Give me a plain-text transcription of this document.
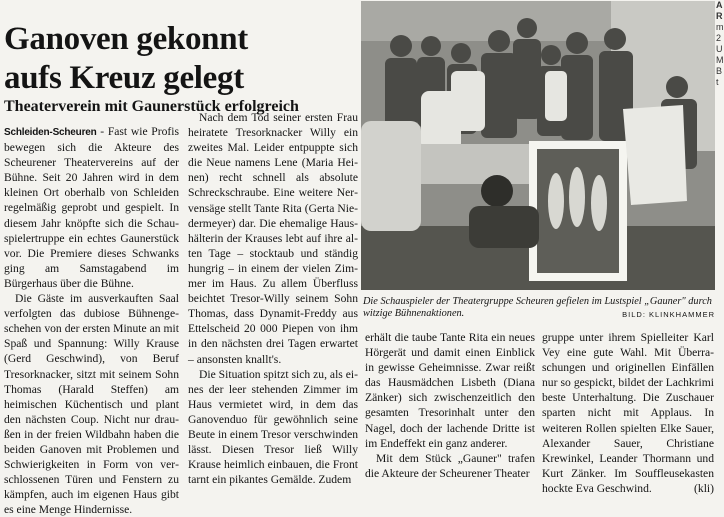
Ganoven gekonnt
aufs Kreuz gelegt
Theaterverein mit Gaunerstück erfolgreich

Schleiden-Scheuren - Fast wie Profis bewegen sich die Akteure des Scheurener Theatervereins auf der Bühne. Seit 20 Jahren wird in dem kleinen Ort oberhalb von Schleiden regelmäßig geprobt und gespielt. In diesem Jahr knöpfte sich die Schauspielertruppe ein echtes Gaunerstück vor. Die Premiere dieses Schwanks ging am Samstagabend im Bürgerhaus über die Bühne.

Die Gäste im ausverkauften Saal verfolgten das dubiose Bühnengeschehen von der ersten Minute an mit Spaß und Spannung: Willy Krause (Gerd Geschwind), von Beruf Tresorknacker, sitzt mit seinem Sohn Thomas (Harald Steffen) am heimischen Küchentisch und plant den nächsten Coup. Nicht nur draußen in der freien Wildbahn haben die beiden Ganoven mit Problemen und Schwierigkeiten in Form von verschlossenen Türen und Fenstern zu kämpfen, auch im eigenen Haus gibt es eine Menge Hindernisse.

Nach dem Tod seiner ersten Frau heiratete Tresorknacker Willy ein zweites Mal. Leider entpuppte sich die Neue namens Lene (Maria Heinen) recht schnell als absolute Schreckschraube. Eine weitere Nervensäge stellt Tante Rita (Gerta Niedermeyer) dar. Die ehemalige Haushälterin der Krauses lebt auf ihre alten Tage – stocktaub und ständig hungrig – in einem der vielen Zimmer im Haus. Zu allem Überfluss beichtet Tresor-Willy seinem Sohn Thomas, dass Dynamit-Freddy aus Ettelscheid 20 000 Piepen von ihm in den nächsten drei Tagen erwartet – ansonsten knallt's.

Die Situation spitzt sich zu, als eines der leer stehenden Zimmer im Haus vermietet wird, in dem das Ganovenduo für gewöhnlich seine Beute in einem Tresor verschwinden lässt. Diesen Tresor ließ Willy Krause heimlich einbauen, die Front tarnt ein pikantes Gemälde. Zudem

Die Schauspieler der Theatergruppe Scheuren gefielen im Lustspiel „Gauner" durch witzige Bühnenaktionen.	BILD: KLINKHAMMER

erhält die taube Tante Rita ein neues Hörgerät und damit einen Einblick in gewisse Geheimnisse. Zwar reißt das Hausmädchen Lisbeth (Diana Zänker) sich zwischenzeitlich den gesamten Tresorinhalt unter den Nagel, doch der lachende Dritte ist im Endeffekt ein ganz anderer.

Mit dem Stück „Gauner" trafen die Akteure der Scheurener Theater

gruppe unter ihrem Spielleiter Karl Vey eine gute Wahl. Mit Überraschungen und originellen Einfällen nur so gespickt, bildet der Lachkrimi beste Unterhaltung. Die Zuschauer sparten nicht mit Applaus. In weiteren Rollen spielten Elke Sauer, Alexander Sauer, Christiane Krewinkel, Leander Thormann und Kurt Zänker. Im Souffleusekasten hockte Eva Geschwind.	(kli)

A
R
m
2
U
M
B
t
